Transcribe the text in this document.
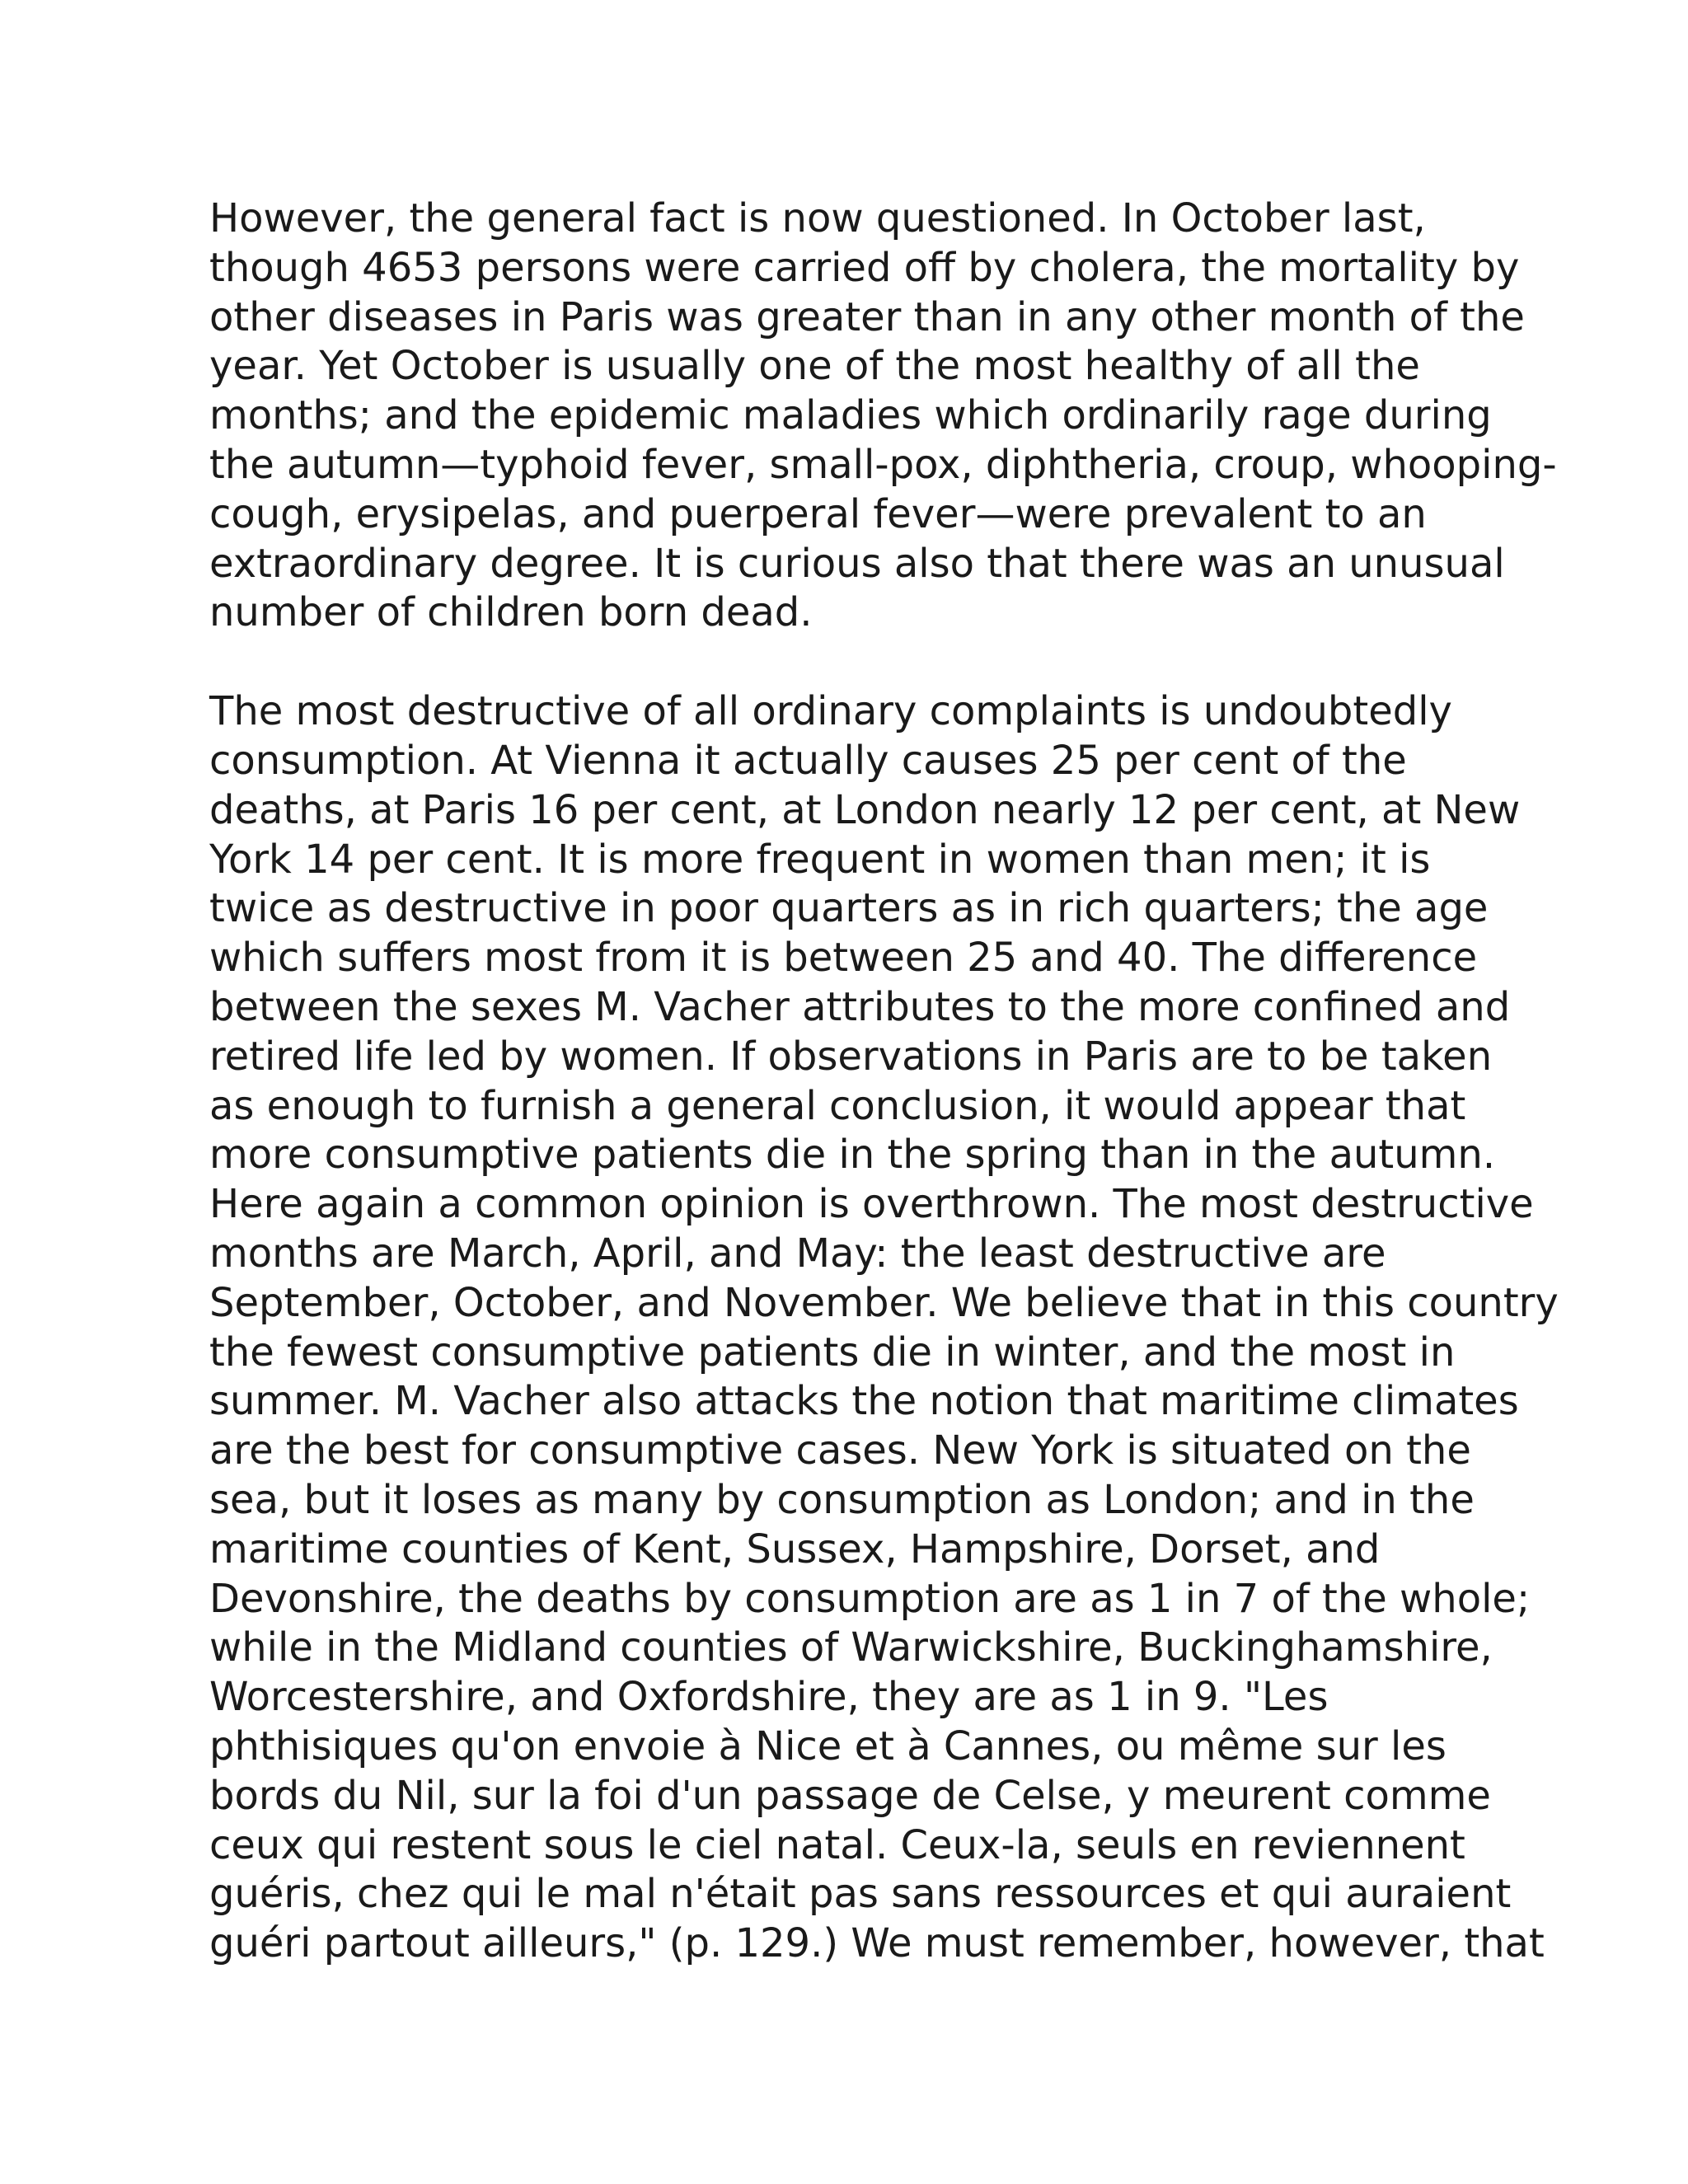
However, the general fact is now questioned. In October last,
though 4653 persons were carried off by cholera, the mortality by
other diseases in Paris was greater than in any other month of the
year. Yet October is usually one of the most healthy of all the
months; and the epidemic maladies which ordinarily rage during
the autumn—typhoid fever, small-pox, diphtheria, croup, whooping-
cough, erysipelas, and puerperal fever—were prevalent to an
extraordinary degree. It is curious also that there was an unusual
number of children born dead.

The most destructive of all ordinary complaints is undoubtedly
consumption. At Vienna it actually causes 25 per cent of the
deaths, at Paris 16 per cent, at London nearly 12 per cent, at New
York 14 per cent. It is more frequent in women than men; it is
twice as destructive in poor quarters as in rich quarters; the age
which suffers most from it is between 25 and 40. The difference
between the sexes M. Vacher attributes to the more confined and
retired life led by women. If observations in Paris are to be taken
as enough to furnish a general conclusion, it would appear that
more consumptive patients die in the spring than in the autumn.
Here again a common opinion is overthrown. The most destructive
months are March, April, and May: the least destructive are
September, October, and November. We believe that in this country
the fewest consumptive patients die in winter, and the most in
summer. M. Vacher also attacks the notion that maritime climates
are the best for consumptive cases. New York is situated on the
sea, but it loses as many by consumption as London; and in the
maritime counties of Kent, Sussex, Hampshire, Dorset, and
Devonshire, the deaths by consumption are as 1 in 7 of the whole;
while in the Midland counties of Warwickshire, Buckinghamshire,
Worcestershire, and Oxfordshire, they are as 1 in 9. "Les
phthisiques qu'on envoie à Nice et à Cannes, ou même sur les
bords du Nil, sur la foi d'un passage de Celse, y meurent comme
ceux qui restent sous le ciel natal. Ceux-la, seuls en reviennent
guéris, chez qui le mal n'était pas sans ressources et qui auraient
guéri partout ailleurs," (p. 129.) We must remember, however, that
